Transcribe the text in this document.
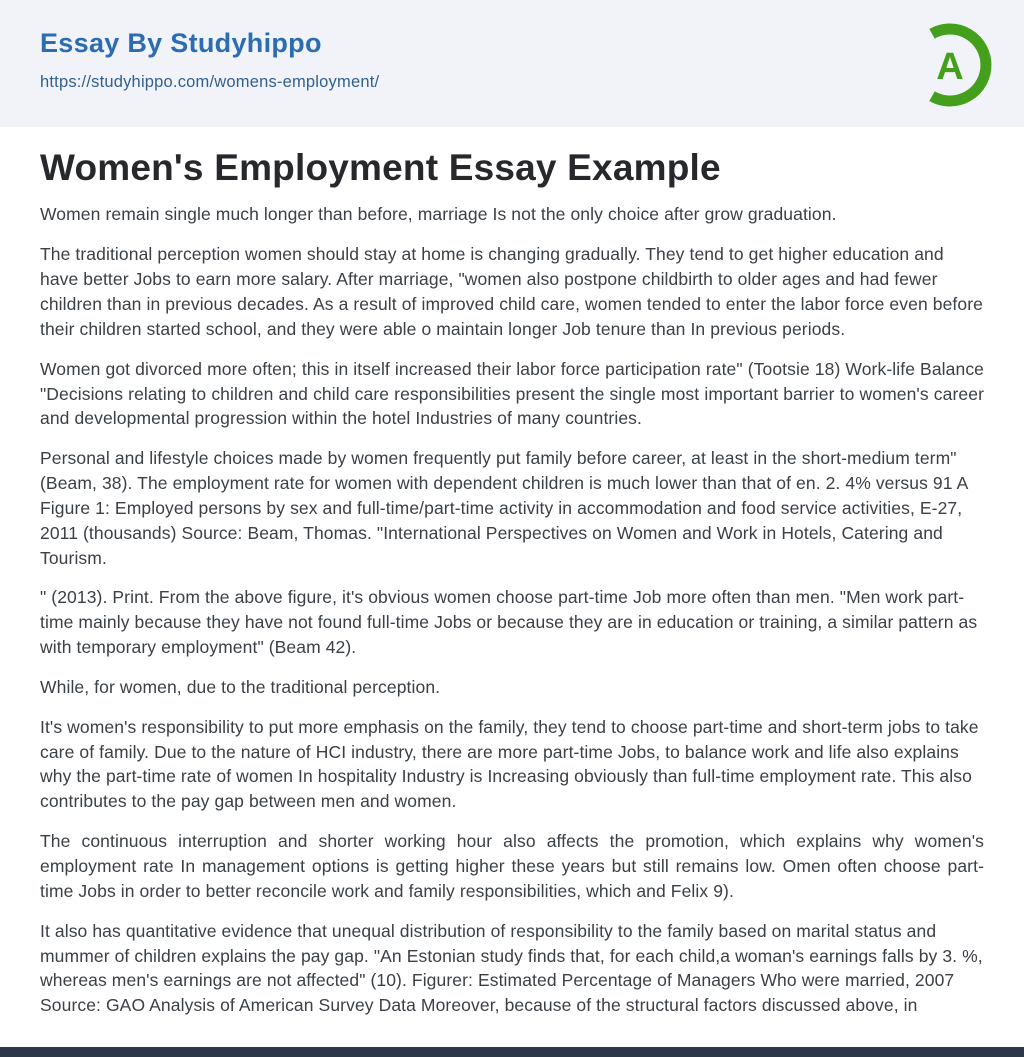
Essay By Studyhippo
https://studyhippo.com/womens-employment/	A
Women's Employment Essay Example

Women remain single much longer than before, marriage Is not the only choice after grow graduation.

The traditional perception women should stay at home is changing gradually. They tend to get higher education and have better Jobs to earn more salary. After marriage, "women also postpone childbirth to older ages and had fewer children than in previous decades. As a result of improved child care, women tended to enter the labor force even before their children started school, and they were able o maintain longer Job tenure than In previous periods.

Women got divorced more often; this in itself increased their labor force participation rate" (Tootsie 18) Work-life Balance "Decisions relating to children and child care responsibilities present the single most important barrier to women's career and developmental progression within the hotel Industries of many countries.

Personal and lifestyle choices made by women frequently put family before career, at least in the short-medium term" (Beam, 38). The employment rate for women with dependent children is much lower than that of en. 2. 4% versus 91 A Figure 1: Employed persons by sex and full-time/part-time activity in accommodation and food service activities, E-27, 2011 (thousands) Source: Beam, Thomas. "International Perspectives on Women and Work in Hotels, Catering and Tourism.

" (2013). Print. From the above figure, it's obvious women choose part-time Job more often than men. "Men work part-time mainly because they have not found full-time Jobs or because they are in education or training, a similar pattern as with temporary employment" (Beam 42).

While, for women, due to the traditional perception.

It's women's responsibility to put more emphasis on the family, they tend to choose part-time and short-term jobs to take care of family. Due to the nature of HCI industry, there are more part-time Jobs, to balance work and life also explains why the part-time rate of women In hospitality Industry is Increasing obviously than full-time employment rate. This also contributes to the pay gap between men and women.

The continuous interruption and shorter working hour also affects the promotion, which explains why women's employment rate In management options is getting higher these years but still remains low. Omen often choose part-time Jobs in order to better reconcile work and family responsibilities, which and Felix 9).

It also has quantitative evidence that unequal distribution of responsibility to the family based on marital status and mummer of children explains the pay gap. "An Estonian study finds that, for each child,a woman's earnings falls by 3. %, whereas men's earnings are not affected" (10). Figurer: Estimated Percentage of Managers Who were married, 2007 Source: GAO Analysis of American Survey Data Moreover, because of the structural factors discussed above, in
